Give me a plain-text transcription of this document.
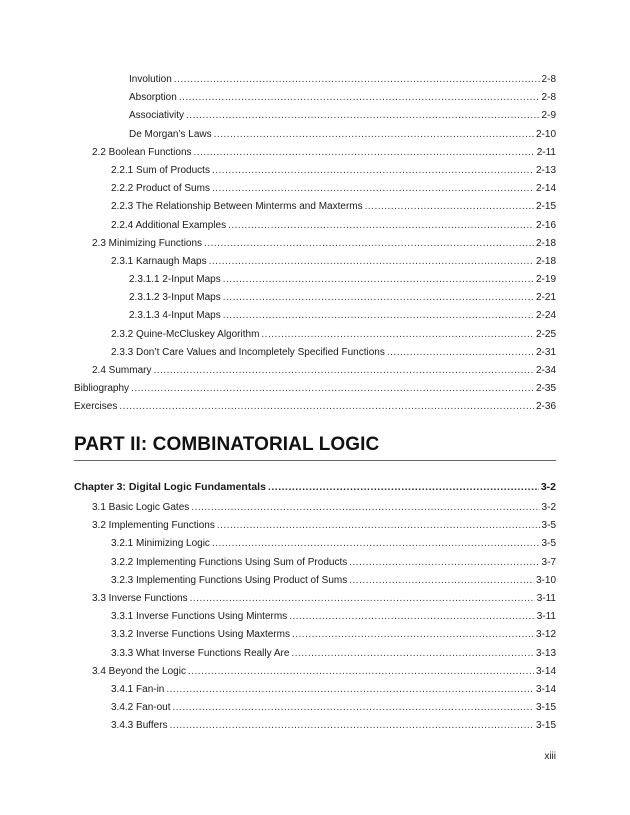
Involution .....	2-8
Absorption .....	2-8
Associativity .....	2-9
De Morgan’s Laws .....	2-10
2.2 Boolean Functions .....	2-11
2.2.1 Sum of Products .....	2-13
2.2.2 Product of Sums .....	2-14
2.2.3 The Relationship Between Minterms and Maxterms .....	2-15
2.2.4 Additional Examples .....	2-16
2.3 Minimizing Functions .....	2-18
2.3.1 Karnaugh Maps .....	2-18
2.3.1.1 2-Input Maps .....	2-19
2.3.1.2 3-Input Maps .....	2-21
2.3.1.3 4-Input Maps .....	2-24
2.3.2 Quine-McCluskey Algorithm .....	2-25
2.3.3 Don’t Care Values and Incompletely Specified Functions .....	2-31
2.4 Summary .....	2-34
Bibliography .....	2-35
Exercises .....	2-36
PART II: COMBINATORIAL LOGIC
Chapter 3: Digital Logic Fundamentals .....	3-2
3.1 Basic Logic Gates .....	3-2
3.2 Implementing Functions .....	3-5
3.2.1 Minimizing Logic .....	3-5
3.2.2 Implementing Functions Using Sum of Products .....	3-7
3.2.3 Implementing Functions Using Product of Sums .....	3-10
3.3 Inverse Functions .....	3-11
3.3.1 Inverse Functions Using Minterms .....	3-11
3.3.2 Inverse Functions Using Maxterms .....	3-12
3.3.3 What Inverse Functions Really Are .....	3-13
3.4 Beyond the Logic .....	3-14
3.4.1 Fan-in .....	3-14
3.4.2 Fan-out .....	3-15
3.4.3 Buffers .....	3-15
xiii
